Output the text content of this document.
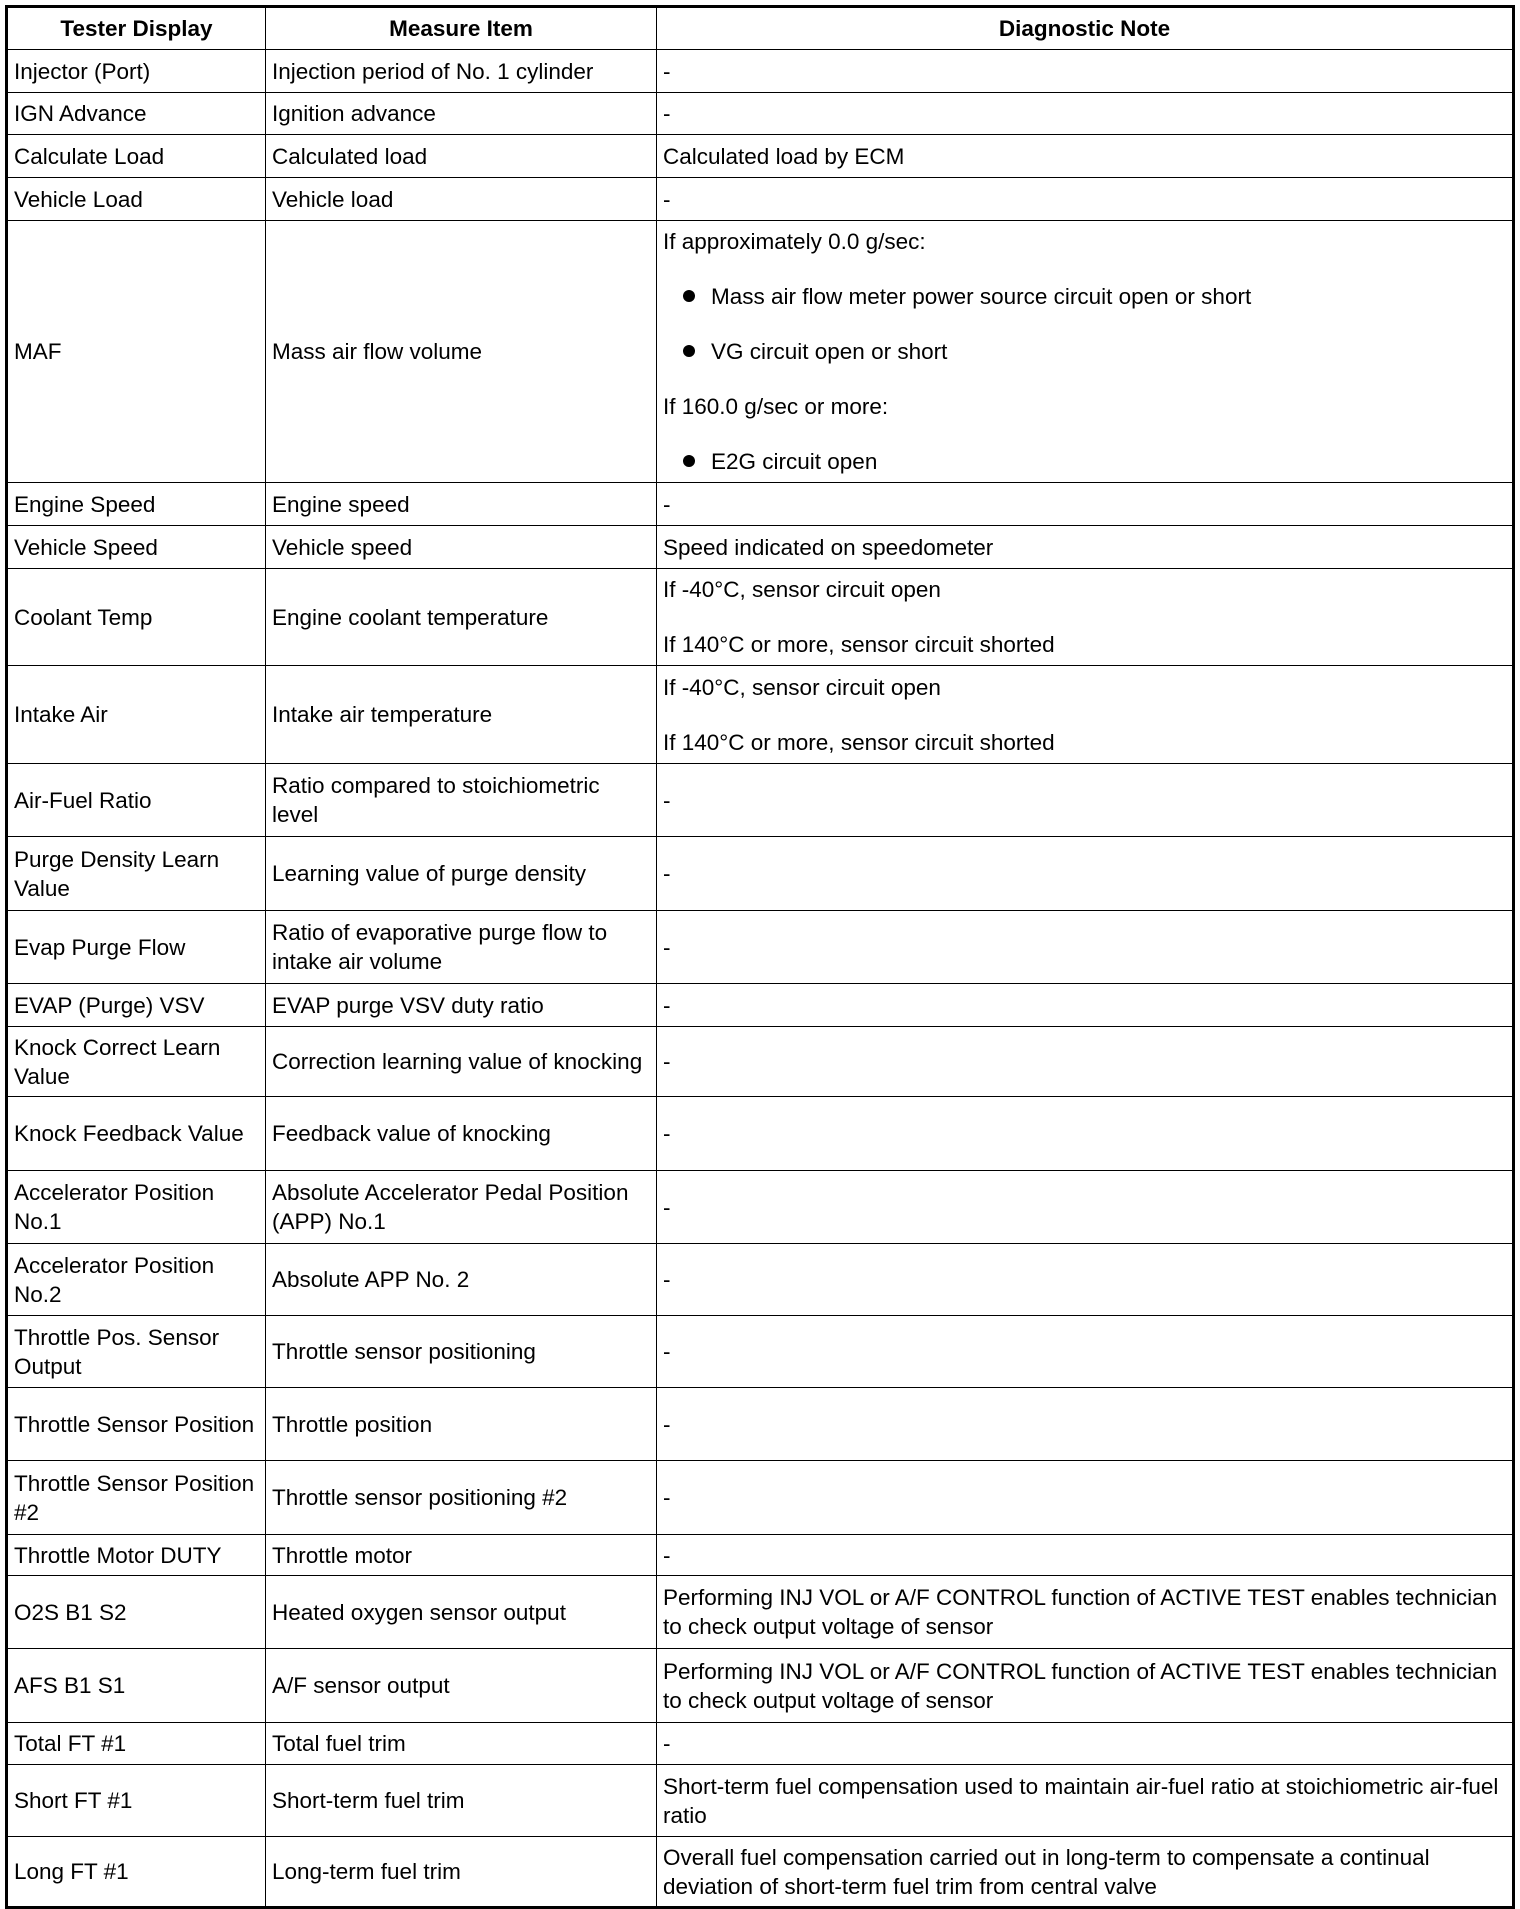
Tester Display	Measure Item	Diagnostic Note
Injector (Port)	Injection period of No. 1 cylinder	-

IGN Advance	Ignition advance	-

Calculate Load	Calculated load	Calculated load by ECM

Vehicle Load	Vehicle load	-

MAF	Mass air flow volume	If approximately 0.0 g/sec:
Mass air flow meter power source circuit open or short
VG circuit open or short
If 160.0 g/sec or more:
E2G circuit open

Engine Speed	Engine speed	-

Vehicle Speed	Vehicle speed	Speed indicated on speedometer

Coolant Temp	Engine coolant temperature	If -40°C, sensor circuit open
If 140°C or more, sensor circuit shorted

Intake Air	Intake air temperature	If -40°C, sensor circuit open
If 140°C or more, sensor circuit shorted

Air-Fuel Ratio	Ratio compared to stoichiometric level	-

Purge Density Learn Value	Learning value of purge density	-

Evap Purge Flow	Ratio of evaporative purge flow to intake air volume	-

EVAP (Purge) VSV	EVAP purge VSV duty ratio	-

Knock Correct Learn Value	Correction learning value of knocking	-

Knock Feedback Value	Feedback value of knocking	-

Accelerator Position No.1	Absolute Accelerator Pedal Position (APP) No.1	-

Accelerator Position No.2	Absolute APP No. 2	-

Throttle Pos. Sensor Output	Throttle sensor positioning	-

Throttle Sensor Position	Throttle position	-

Throttle Sensor Position #2	Throttle sensor positioning #2	-

Throttle Motor DUTY	Throttle motor	-

O2S B1 S2	Heated oxygen sensor output	Performing INJ VOL or A/F CONTROL function of ACTIVE TEST enables technician to check output voltage of sensor

AFS B1 S1	A/F sensor output	Performing INJ VOL or A/F CONTROL function of ACTIVE TEST enables technician to check output voltage of sensor

Total FT #1	Total fuel trim	-

Short FT #1	Short-term fuel trim	Short-term fuel compensation used to maintain air-fuel ratio at stoichiometric air-fuel ratio

Long FT #1	Long-term fuel trim	Overall fuel compensation carried out in long-term to compensate a continual deviation of short-term fuel trim from central valve
